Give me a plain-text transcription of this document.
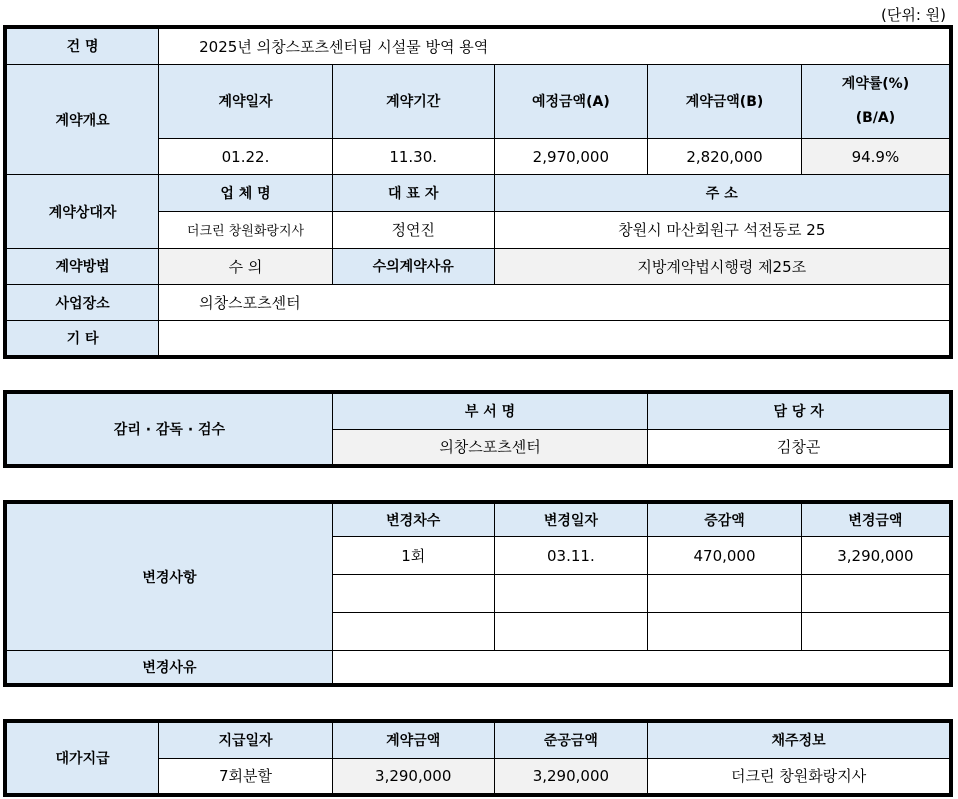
(단위: 원)
건 명	2025년 의창스포츠센터팀 시설물 방역 용역				
계약개요	계약일자	계약기간	예정금액(A)	계약금액(B)	계약률(%)
(B/A)

	01.22.	11.30.	2,970,000	2,820,000	94.9%
계약상대자	업 체 명	대 표 자	주 소		
	더크린 창원화랑지사	정연진	창원시 마산회원구 석전동로 25		
계약방법	수 의	수의계약사유	지방계약법시행령 제25조		
사업장소	의창스포츠센터				
기 타					
감리 · 감독 · 검수	부 서 명	담 당 자
	의창스포츠센터	김창곤
변경사항	변경차수	변경일자	증감액	변경금액
	1회	03.11.	470,000	3,290,000

변경사유				
대가지급	지급일자	계약금액	준공금액	채주정보
	7회분할	3,290,000	3,290,000	더크린 창원화랑지사
